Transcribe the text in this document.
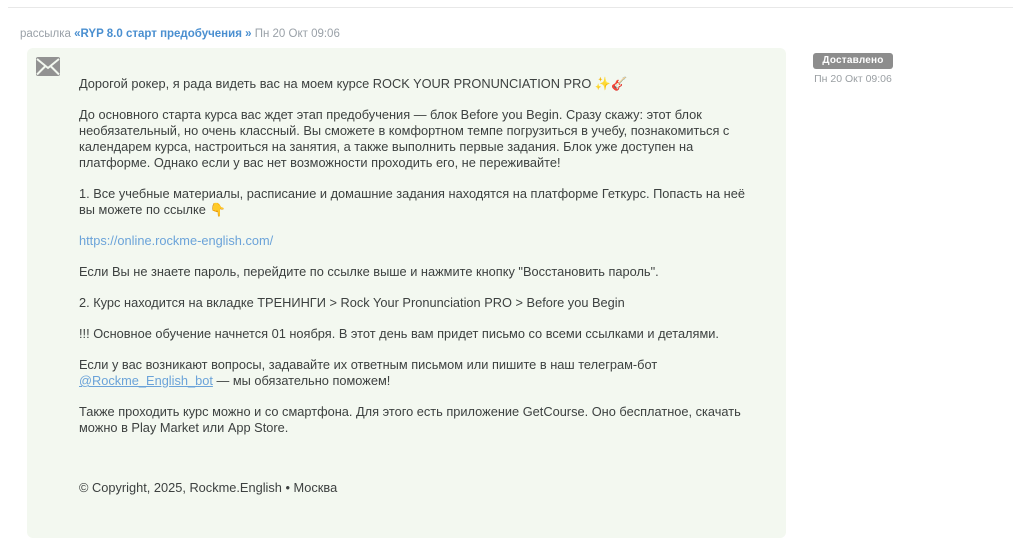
рассылка «RYP 8.0 старт предобучения » Пн 20 Окт 09:06

Дорогой рокер, я рада видеть вас на моем курсе ROCK YOUR PRONUNCIATION PRO ✨🎸

До основного старта курса вас ждет этап предобучения — блок Before you Begin. Сразу скажу: этот блок необязательный, но очень классный. Вы сможете в комфортном темпе погрузиться в учебу, познакомиться с календарем курса, настроиться на занятия, а также выполнить первые задания. Блок уже доступен на платформе. Однако если у вас нет возможности проходить его, не переживайте!

1. Все учебные материалы, расписание и домашние задания находятся на платформе Геткурс. Попасть на неё вы можете по ссылке 👇

https://online.rockme-english.com/

Если Вы не знаете пароль, перейдите по ссылке выше и нажмите кнопку "Восстановить пароль".

2. Курс находится на вкладке ТРЕНИНГИ > Rock Your Pronunciation PRO > Before you Begin

!!! Основное обучение начнется 01 ноября. В этот день вам придет письмо со всеми ссылками и деталями.

Если у вас возникают вопросы, задавайте их ответным письмом или пишите в наш телеграм-бот @Rockme_English_bot — мы обязательно поможем!

Также проходить курс можно и со смартфона. Для этого есть приложение GetCourse. Оно бесплатное, скачать можно в Play Market или App Store.

© Copyright, 2025, Rockme.English • Москва
Доставлено
Пн 20 Окт 09:06
